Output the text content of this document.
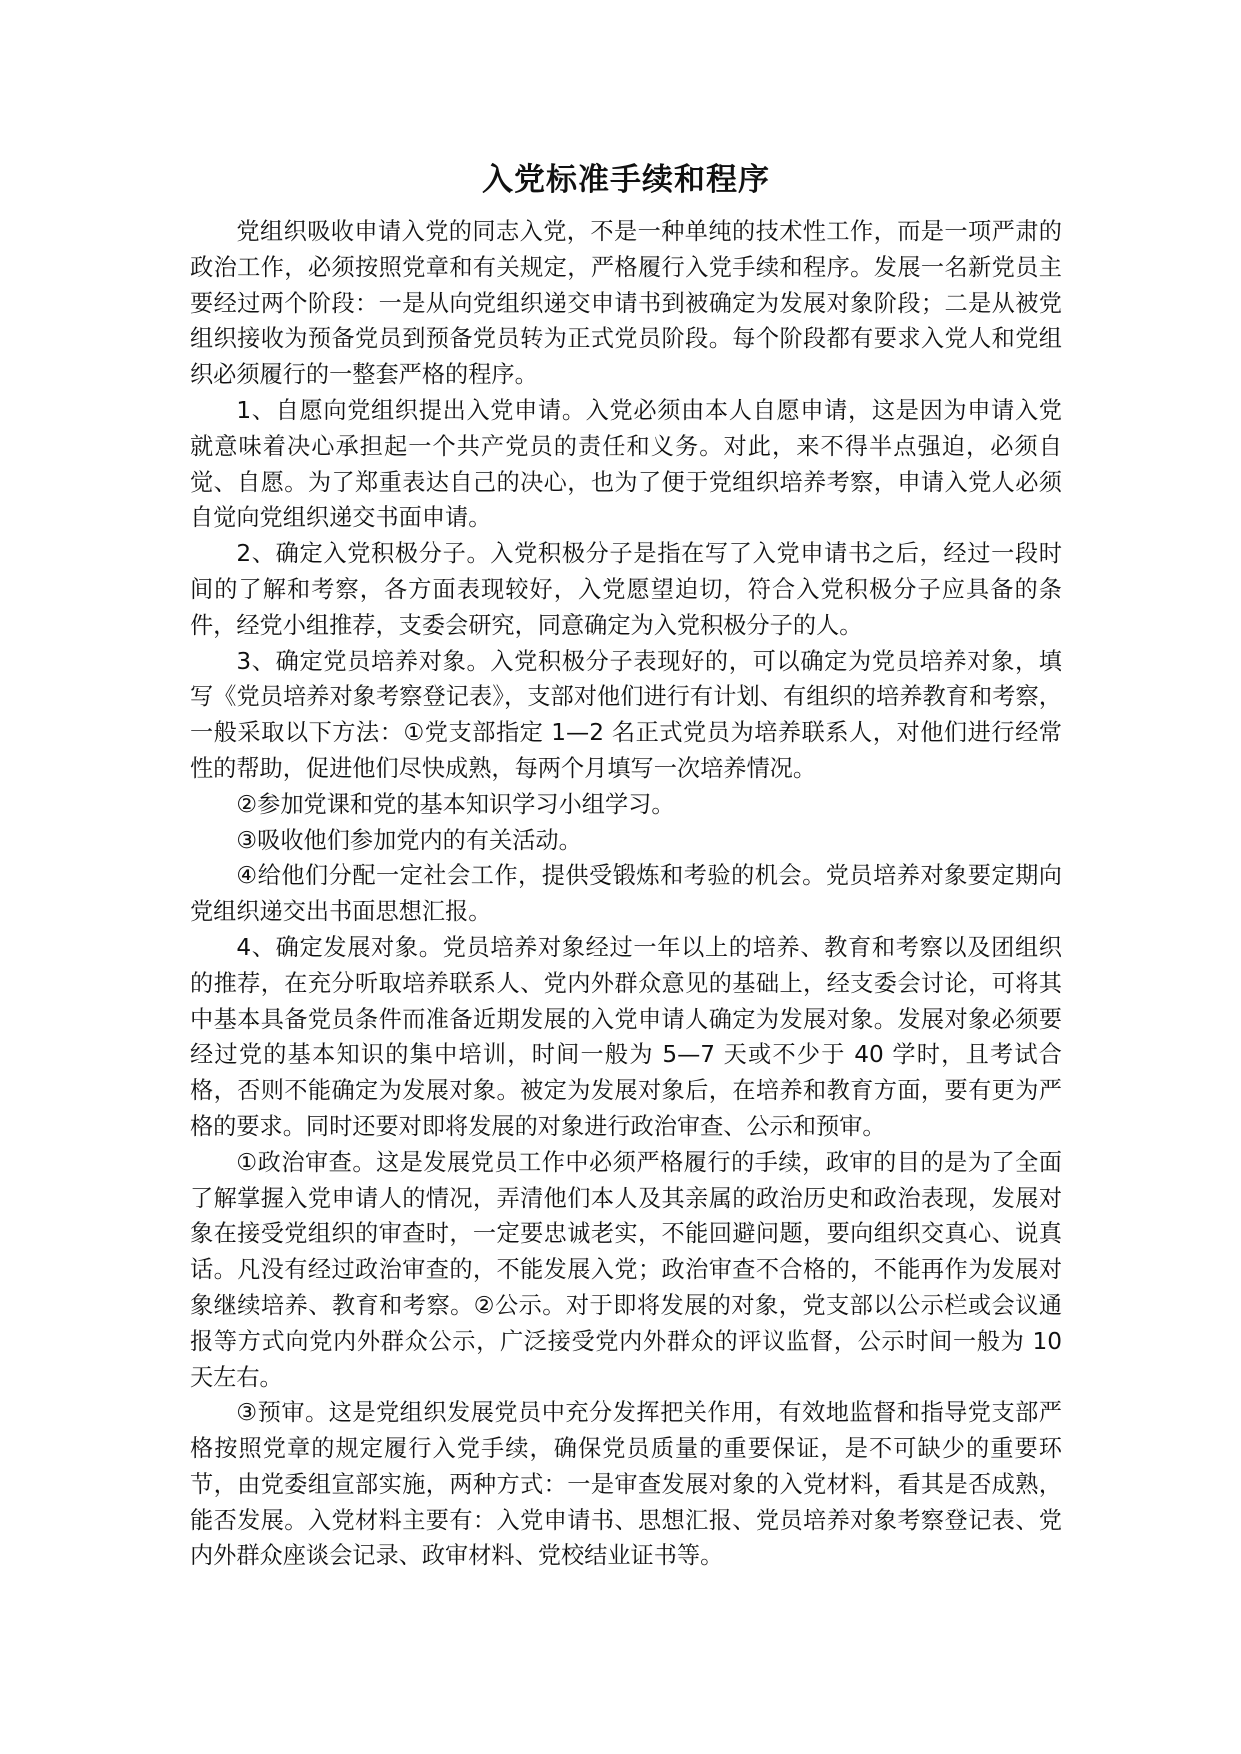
入党标准手续和程序

党组织吸收申请入党的同志入党，不是一种单纯的技术性工作，而是一项严肃的政治工作，必须按照党章和有关规定，严格履行入党手续和程序。发展一名新党员主要经过两个阶段：一是从向党组织递交申请书到被确定为发展对象阶段；二是从被党组织接收为预备党员到预备党员转为正式党员阶段。每个阶段都有要求入党人和党组织必须履行的一整套严格的程序。

1、自愿向党组织提出入党申请。入党必须由本人自愿申请，这是因为申请入党就意味着决心承担起一个共产党员的责任和义务。对此，来不得半点强迫，必须自觉、自愿。为了郑重表达自己的决心，也为了便于党组织培养考察，申请入党人必须自觉向党组织递交书面申请。

2、确定入党积极分子。入党积极分子是指在写了入党申请书之后，经过一段时间的了解和考察，各方面表现较好，入党愿望迫切，符合入党积极分子应具备的条件，经党小组推荐，支委会研究，同意确定为入党积极分子的人。

3、确定党员培养对象。入党积极分子表现好的，可以确定为党员培养对象，填写《党员培养对象考察登记表》，支部对他们进行有计划、有组织的培养教育和考察，一般采取以下方法：①党支部指定 1—2 名正式党员为培养联系人，对他们进行经常性的帮助，促进他们尽快成熟，每两个月填写一次培养情况。

②参加党课和党的基本知识学习小组学习。

③吸收他们参加党内的有关活动。

④给他们分配一定社会工作，提供受锻炼和考验的机会。党员培养对象要定期向党组织递交出书面思想汇报。

4、确定发展对象。党员培养对象经过一年以上的培养、教育和考察以及团组织的推荐，在充分听取培养联系人、党内外群众意见的基础上，经支委会讨论，可将其中基本具备党员条件而准备近期发展的入党申请人确定为发展对象。发展对象必须要经过党的基本知识的集中培训，时间一般为 5—7 天或不少于 40 学时，且考试合格，否则不能确定为发展对象。被定为发展对象后，在培养和教育方面，要有更为严格的要求。同时还要对即将发展的对象进行政治审查、公示和预审。

①政治审查。这是发展党员工作中必须严格履行的手续，政审的目的是为了全面了解掌握入党申请人的情况，弄清他们本人及其亲属的政治历史和政治表现，发展对象在接受党组织的审查时，一定要忠诚老实，不能回避问题，要向组织交真心、说真话。凡没有经过政治审查的，不能发展入党；政治审查不合格的，不能再作为发展对象继续培养、教育和考察。②公示。对于即将发展的对象，党支部以公示栏或会议通报等方式向党内外群众公示，广泛接受党内外群众的评议监督，公示时间一般为 10 天左右。

③预审。这是党组织发展党员中充分发挥把关作用，有效地监督和指导党支部严格按照党章的规定履行入党手续，确保党员质量的重要保证，是不可缺少的重要环节，由党委组宣部实施，两种方式：一是审查发展对象的入党材料，看其是否成熟，能否发展。入党材料主要有：入党申请书、思想汇报、党员培养对象考察登记表、党内外群众座谈会记录、政审材料、党校结业证书等。
